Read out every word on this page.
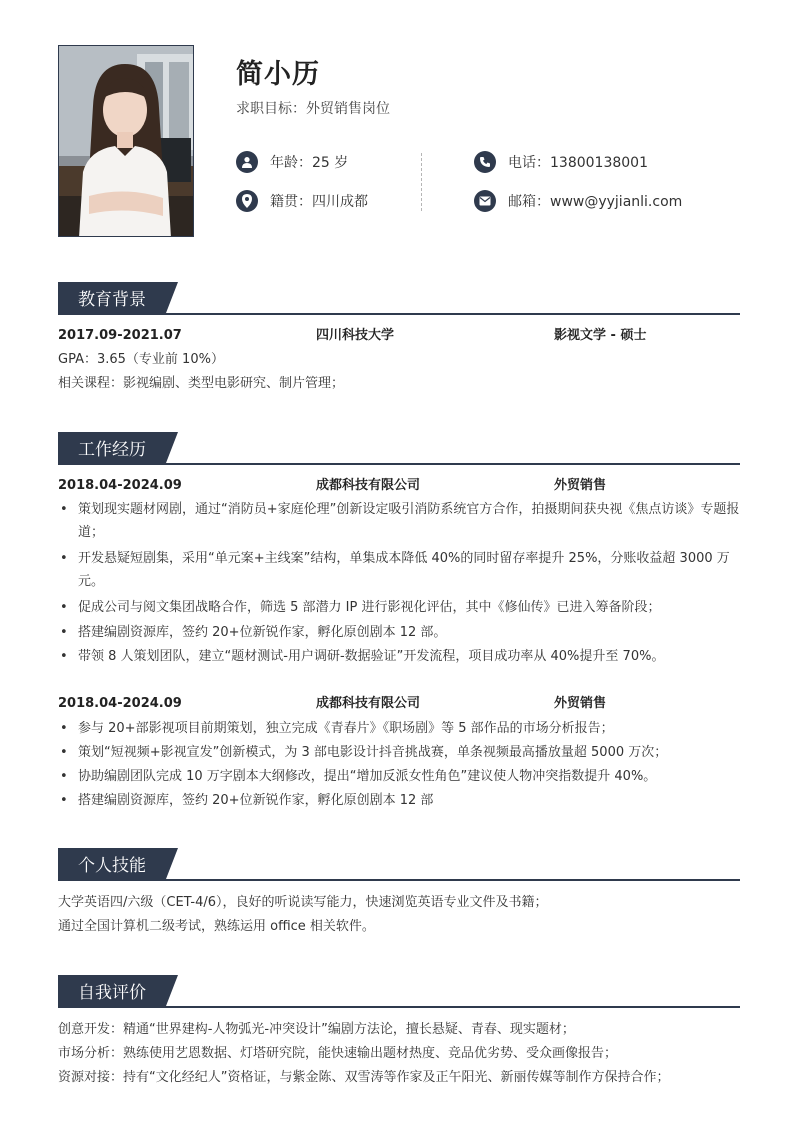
简小历
求职目标：外贸销售岗位
年龄：25 岁
籍贯：四川成都
电话：13800138001
邮箱：www@yyjianli.com
教育背景
2017.09-2021.07	四川科技大学	影视文学 - 硕士
GPA：3.65（专业前 10%）
相关课程：影视编剧、类型电影研究、制片管理；
工作经历
2018.04-2024.09	成都科技有限公司	外贸销售
• 策划现实题材网剧，通过“消防员+家庭伦理”创新设定吸引消防系统官方合作，拍摄期间获央视《焦点访谈》专题报道；
• 开发悬疑短剧集，采用“单元案+主线案”结构，单集成本降低 40%的同时留存率提升 25%，分账收益超 3000 万元。
• 促成公司与阅文集团战略合作，筛选 5 部潜力 IP 进行影视化评估，其中《修仙传》已进入筹备阶段；
• 搭建编剧资源库，签约 20+位新锐作家，孵化原创剧本 12 部。
• 带领 8 人策划团队，建立“题材测试-用户调研-数据验证”开发流程，项目成功率从 40%提升至 70%。
2018.04-2024.09	成都科技有限公司	外贸销售
• 参与 20+部影视项目前期策划，独立完成《青春片》《职场剧》等 5 部作品的市场分析报告；
• 策划“短视频+影视宣发”创新模式，为 3 部电影设计抖音挑战赛，单条视频最高播放量超 5000 万次；
• 协助编剧团队完成 10 万字剧本大纲修改，提出“增加反派女性角色”建议使人物冲突指数提升 40%。
• 搭建编剧资源库，签约 20+位新锐作家，孵化原创剧本 12 部
个人技能
大学英语四/六级（CET-4/6），良好的听说读写能力，快速浏览英语专业文件及书籍；
通过全国计算机二级考试，熟练运用 office 相关软件。
自我评价
创意开发：精通“世界建构-人物弧光-冲突设计”编剧方法论，擅长悬疑、青春、现实题材；
市场分析：熟练使用艺恩数据、灯塔研究院，能快速输出题材热度、竞品优劣势、受众画像报告；
资源对接：持有“文化经纪人”资格证，与紫金陈、双雪涛等作家及正午阳光、新丽传媒等制作方保持合作；
